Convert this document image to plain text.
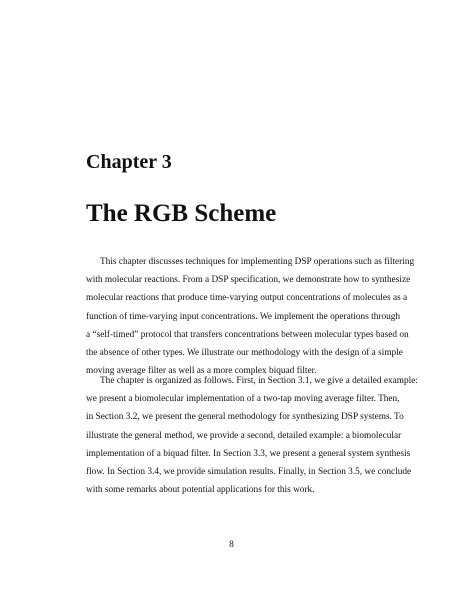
Chapter 3
The RGB Scheme
This chapter discusses techniques for implementing DSP operations such as filtering
with molecular reactions. From a DSP specification, we demonstrate how to synthesize
molecular reactions that produce time-varying output concentrations of molecules as a
function of time-varying input concentrations. We implement the operations through
a “self-timed” protocol that transfers concentrations between molecular types based on
the absence of other types. We illustrate our methodology with the design of a simple
moving average filter as well as a more complex biquad filter.
The chapter is organized as follows. First, in Section 3.1, we give a detailed example:
we present a biomolecular implementation of a two-tap moving average filter. Then,
in Section 3.2, we present the general methodology for synthesizing DSP systems. To
illustrate the general method, we provide a second, detailed example: a biomolecular
implementation of a biquad filter. In Section 3.3, we present a general system synthesis
flow. In Section 3.4, we provide simulation results. Finally, in Section 3.5, we conclude
with some remarks about potential applications for this work.
8
